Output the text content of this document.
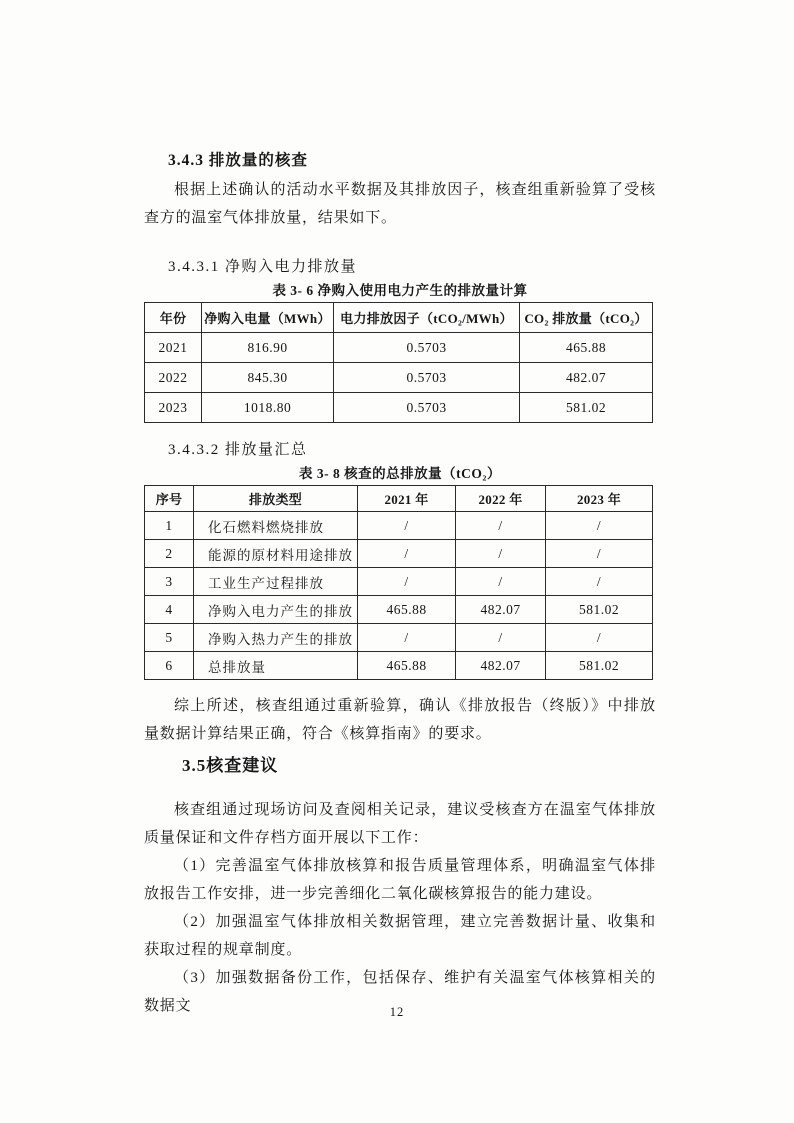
3.4.3 排放量的核查

根据上述确认的活动水平数据及其排放因子，核查组重新验算了受核查方的温室气体排放量，结果如下。

3.4.3.1 净购入电力排放量
表 3- 6 净购入使用电力产生的排放量计算
年份	净购入电量（MWh）	电力排放因子（tCO₂/MWh）	CO₂ 排放量（tCO₂）
2021	816.90	0.5703	465.88
2022	845.30	0.5703	482.07
2023	1018.80	0.5703	581.02
3.4.3.2 排放量汇总
表 3- 8 核查的总排放量（tCO₂）
序号	排放类型	2021 年	2022 年	2023 年
1	化石燃料燃烧排放	/	/	/
2	能源的原材料用途排放	/	/	/
3	工业生产过程排放	/	/	/
4	净购入电力产生的排放	465.88	482.07	581.02
5	净购入热力产生的排放	/	/	/
6	总排放量	465.88	482.07	581.02

综上所述，核查组通过重新验算，确认《排放报告（终版）》中排放量数据计算结果正确，符合《核算指南》的要求。

3.5核查建议

核查组通过现场访问及查阅相关记录，建议受核查方在温室气体排放质量保证和文件存档方面开展以下工作：

（1）完善温室气体排放核算和报告质量管理体系，明确温室气体排放报告工作安排，进一步完善细化二氧化碳核算报告的能力建设。

（2）加强温室气体排放相关数据管理，建立完善数据计量、收集和获取过程的规章制度。

（3）加强数据备份工作，包括保存、维护有关温室气体核算相关的数据文	12
